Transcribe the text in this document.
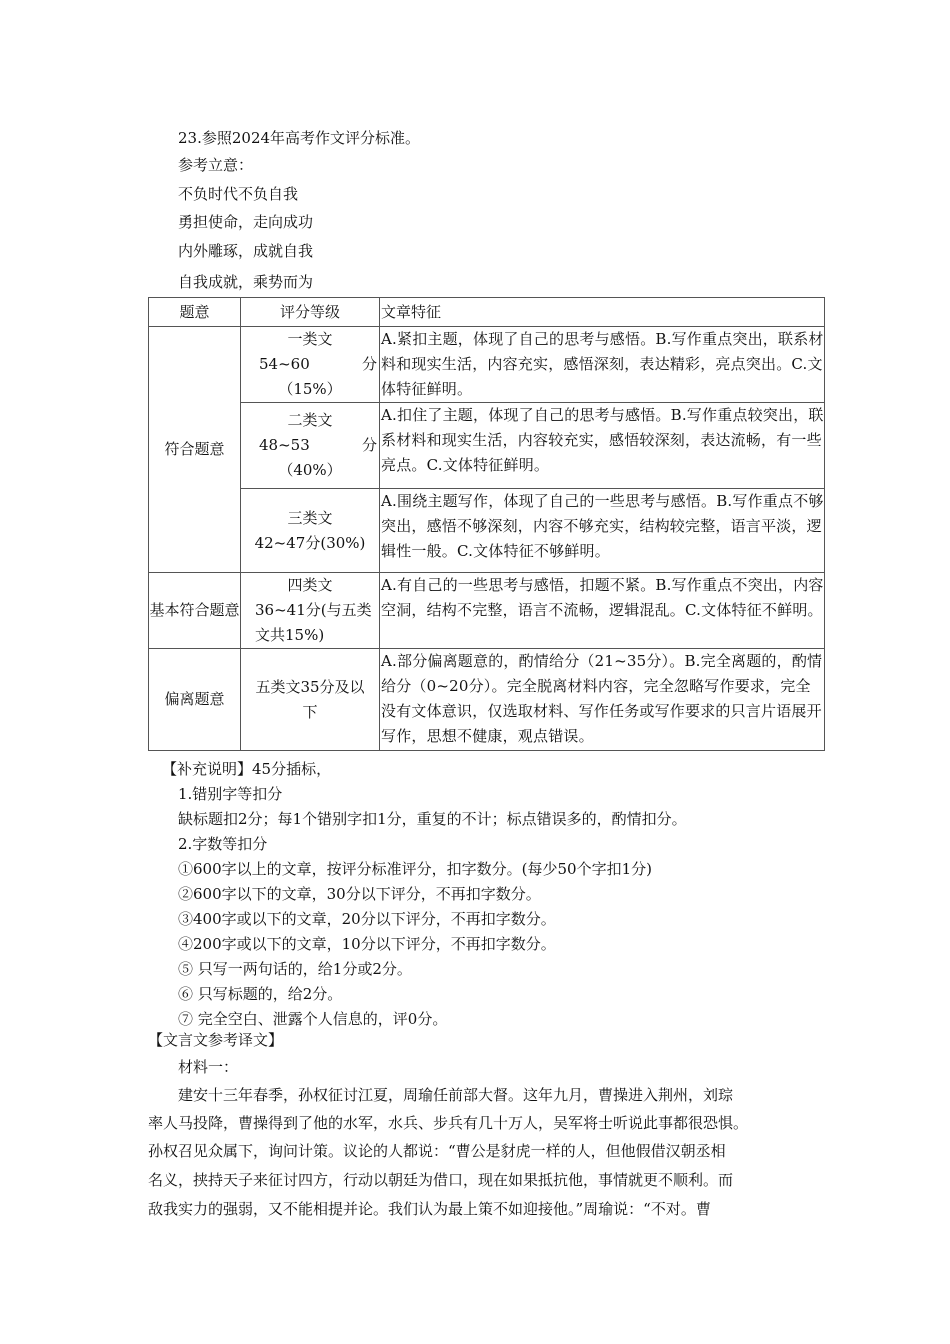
23.参照2024年高考作文评分标准。
参考立意：
不负时代不负自我
勇担使命，走向成功
内外雕琢，成就自我
自我成就，乘势而为
题意	评分等级	文章特征
符合题意	一类文
54~60 分
（15%）	A.紧扣主题，体现了自己的思考与感悟。B.写作重点突出，联系材料和现实生活，内容充实，感悟深刻，表达精彩，亮点突出。C.文体特征鲜明。

	二类文
48~53 分
（40%）	A.扣住了主题，体现了自己的思考与感悟。B.写作重点较突出，联系材料和现实生活，内容较充实，感悟较深刻，表达流畅，有一些亮点。C.文体特征鲜明。

	三类文
42~47分(30%)	A.围绕主题写作，体现了自己的一些思考与感悟。B.写作重点不够突出，感悟不够深刻，内容不够充实，结构较完整，语言平淡，逻辑性一般。C.文体特征不够鲜明。

基本符合题意	四类文
36~41分(与五类文共15%)	A.有自己的一些思考与感悟，扣题不紧。B.写作重点不突出，内容空洞，结构不完整，语言不流畅，逻辑混乱。C.文体特征不鲜明。

偏离题意	五类文35分及以下	A.部分偏离题意的，酌情给分（21~35分）。B.完全离题的，酌情给分（0~20分）。完全脱离材料内容，完全忽略写作要求，完全没有文体意识，仅选取材料、写作任务或写作要求的只言片语展开写作，思想不健康，观点错误。
【补充说明】45分插标，
1.错别字等扣分
缺标题扣2分；每1个错别字扣1分，重复的不计；标点错误多的，酌情扣分。
2.字数等扣分
①600字以上的文章，按评分标准评分，扣字数分。(每少50个字扣1分)
②600字以下的文章，30分以下评分，不再扣字数分。
③400字或以下的文章，20分以下评分，不再扣字数分。
④200字或以下的文章，10分以下评分，不再扣字数分。
⑤ 只写一两句话的，给1分或2分。
⑥ 只写标题的，给2分。
⑦ 完全空白、泄露个人信息的，评0分。
【文言文参考译文】
材料一：
建安十三年春季，孙权征讨江夏，周瑜任前部大督。这年九月，曹操进入荆州，刘琮
率人马投降，曹操得到了他的水军，水兵、步兵有几十万人，吴军将士听说此事都很恐惧。
孙权召见众属下，询问计策。议论的人都说：“曹公是豺虎一样的人，但他假借汉朝丞相
名义，挟持天子来征讨四方，行动以朝廷为借口，现在如果抵抗他，事情就更不顺利。而
敌我实力的强弱，又不能相提并论。我们认为最上策不如迎接他。”周瑜说：“不对。曹
